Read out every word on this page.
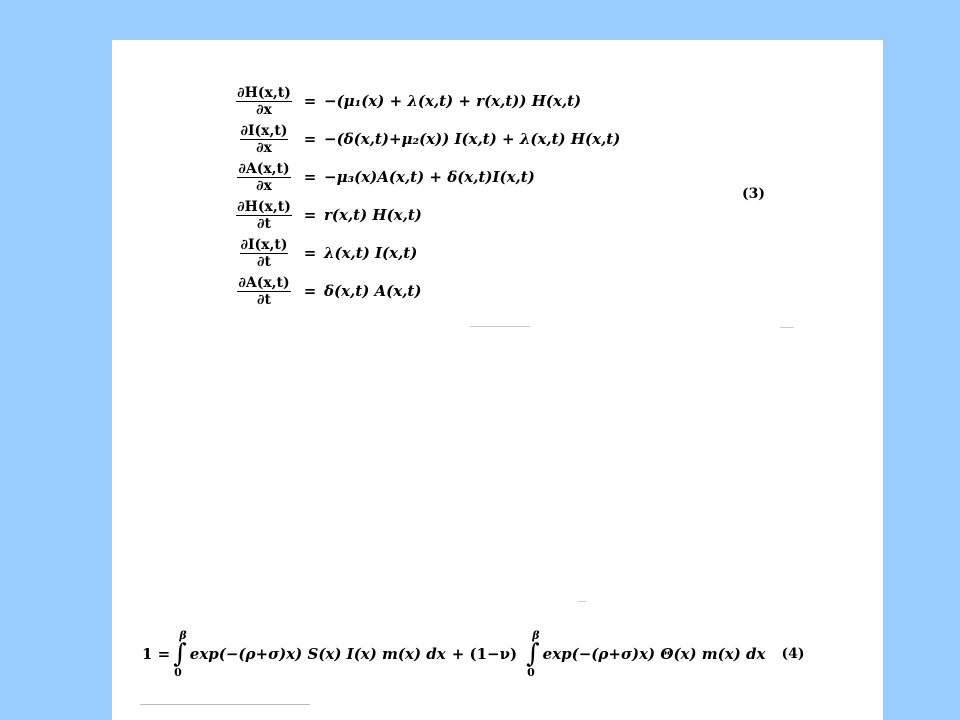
$\frac{\partial H(x,t)}{\partial x} = -(\mu_1(x) + \lambda(x,t) + r(x,t))$ H(x,t)
$\frac{\partial I(x,t)}{\partial x} = -(\delta(x,t)+\mu_2(x)) I(x,t) + \lambda(x,t)$ H(x,t)
$\frac{\partial A(x,t)}{\partial x} = -\mu_3(x)A(x,t) + \delta(x,t)I(x,t)$
$\frac{\partial H(x,t)}{\partial t} = r(x,t)$ H(x,t)
$\frac{\partial I(x,t)}{\partial t} = \lambda(x,t)$ I(x,t)
$\frac{\partial A(x,t)}{\partial t} = \delta(x,t)$ A(x,t)
(3)
1 =
β
∫
0
exp(−(ρ+σ)x) S(x) I(x) m(x) dx + (1−ν)
β
∫
0
exp(−(ρ+σ)x) Θ(x) m(x) dx (4)
